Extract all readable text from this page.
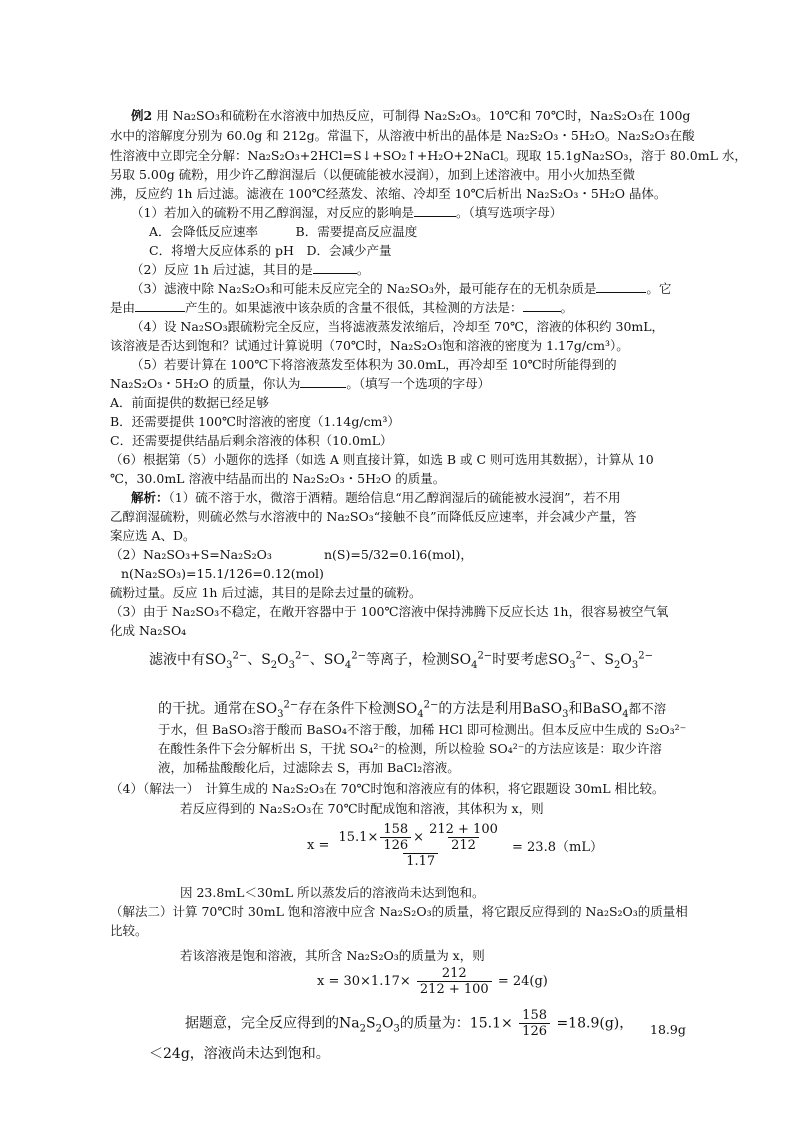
例2 用 Na₂SO₃和硫粉在水溶液中加热反应，可制得 Na₂S₂O₃。10℃和 70℃时，Na₂S₂O₃在 100g
水中的溶解度分别为 60.0g 和 212g。常温下，从溶液中析出的晶体是 Na₂S₂O₃・5H₂O。Na₂S₂O₃在酸
性溶液中立即完全分解：Na₂S₂O₃+2HCl=S↓+SO₂↑+H₂O+2NaCl。现取 15.1gNa₂SO₃，溶于 80.0mL 水，
另取 5.00g 硫粉，用少许乙醇润湿后（以便硫能被水浸润），加到上述溶液中。用小火加热至微
沸，反应约 1h 后过滤。滤液在 100℃经蒸发、浓缩、冷却至 10℃后析出 Na₂S₂O₃・5H₂O 晶体。
（1）若加入的硫粉不用乙醇润湿，对反应的影响是	。（填写选项字母）
A．会降低反应速率　　　B．需要提高反应温度
C．将增大反应体系的 pH　D．会减少产量
（2）反应 1h 后过滤，其目的是	。
（3）滤液中除 Na₂S₂O₃和可能未反应完全的 Na₂SO₃外，最可能存在的无机杂质是	。它
是由	产生的。如果滤液中该杂质的含量不很低，其检测的方法是：	。
（4）设 Na₂SO₃跟硫粉完全反应，当将滤液蒸发浓缩后，冷却至 70℃，溶液的体积约 30mL，
该溶液是否达到饱和？试通过计算说明（70℃时，Na₂S₂O₃饱和溶液的密度为 1.17g/cm³）。
（5）若要计算在 100℃下将溶液蒸发至体积为 30.0mL，再冷却至 10℃时所能得到的
Na₂S₂O₃・5H₂O 的质量，你认为	。（填写一个选项的字母）
A．前面提供的数据已经足够
B．还需要提供 100℃时溶液的密度（1.14g/cm³）
C．还需要提供结晶后剩余溶液的体积（10.0mL）
（6）根据第（5）小题你的选择（如选 A 则直接计算，如选 B 或 C 则可选用其数据），计算从 10
℃，30.0mL 溶液中结晶而出的 Na₂S₂O₃・5H₂O 的质量。
解析：（1）硫不溶于水，微溶于酒精。题给信息“用乙醇润湿后的硫能被水浸润”，若不用
乙醇润湿硫粉，则硫必然与水溶液中的 Na₂SO₃“接触不良”而降低反应速率，并会减少产量，答
案应选 A、D。
（2）Na₂SO₃+S=Na₂S₂O₃	n(S)=5/32=0.16(mol)，
n(Na₂SO₃)=15.1/126=0.12(mol)
硫粉过量。反应 1h 后过滤，其目的是除去过量的硫粉。
（3）由于 Na₂SO₃不稳定，在敞开容器中于 100℃溶液中保持沸腾下反应长达 1h，很容易被空气氧
化成 Na₂SO₄
滤液中有$SO_3^{2-}$、$S_2O_3^{2-}$、$SO_4^{2-}$等离子，检测$SO_4^{2-}$时要考虑$SO_3^{2-}$、$S_2O_3^{2-}$
的干扰。通常在$SO_3^{2-}$存在条件下检测$SO_4^{2-}$的方法是利用BaSO$_3$和BaSO$_4$都不溶
于水，但 BaSO₃溶于酸而 BaSO₄不溶于酸，加稀 HCl 即可检测出。但本反应中生成的 S₂O₃²⁻
在酸性条件下会分解析出 S，干扰 SO₄²⁻的检测，所以检验 SO₄²⁻的方法应该是：取少许溶
液，加稀盐酸酸化后，过滤除去 S，再加 BaCl₂溶液。
（4）（解法一）　计算生成的 Na₂S₂O₃在 70℃时饱和溶液应有的体积，将它跟题设 30mL 相比较。
若反应得到的 Na₂S₂O₃在 70℃时配成饱和溶液，其体积为 x，则
$x = \frac{15.1\times \frac{158}{126} \times \frac{212 + 100}{212}}{1.17} = 23.8(mL)$
因 23.8mL＜30mL 所以蒸发后的溶液尚未达到饱和。
（解法二）计算 70℃时 30mL 饱和溶液中应含 Na₂S₂O₃的质量，将它跟反应得到的 Na₂S₂O₃的质量相
比较。
若该溶液是饱和溶液，其所含 Na₂S₂O₃的质量为 x，则
$x = 30\times 1.17\times \frac{212}{212 + 100} = 24(g)$
据题意，完全反应得到的$Na_2S_2O_3$的质量为：$15.1\times \frac{158}{126} =18.9(g)$， 18.9g
＜24g，溶液尚未达到饱和。
